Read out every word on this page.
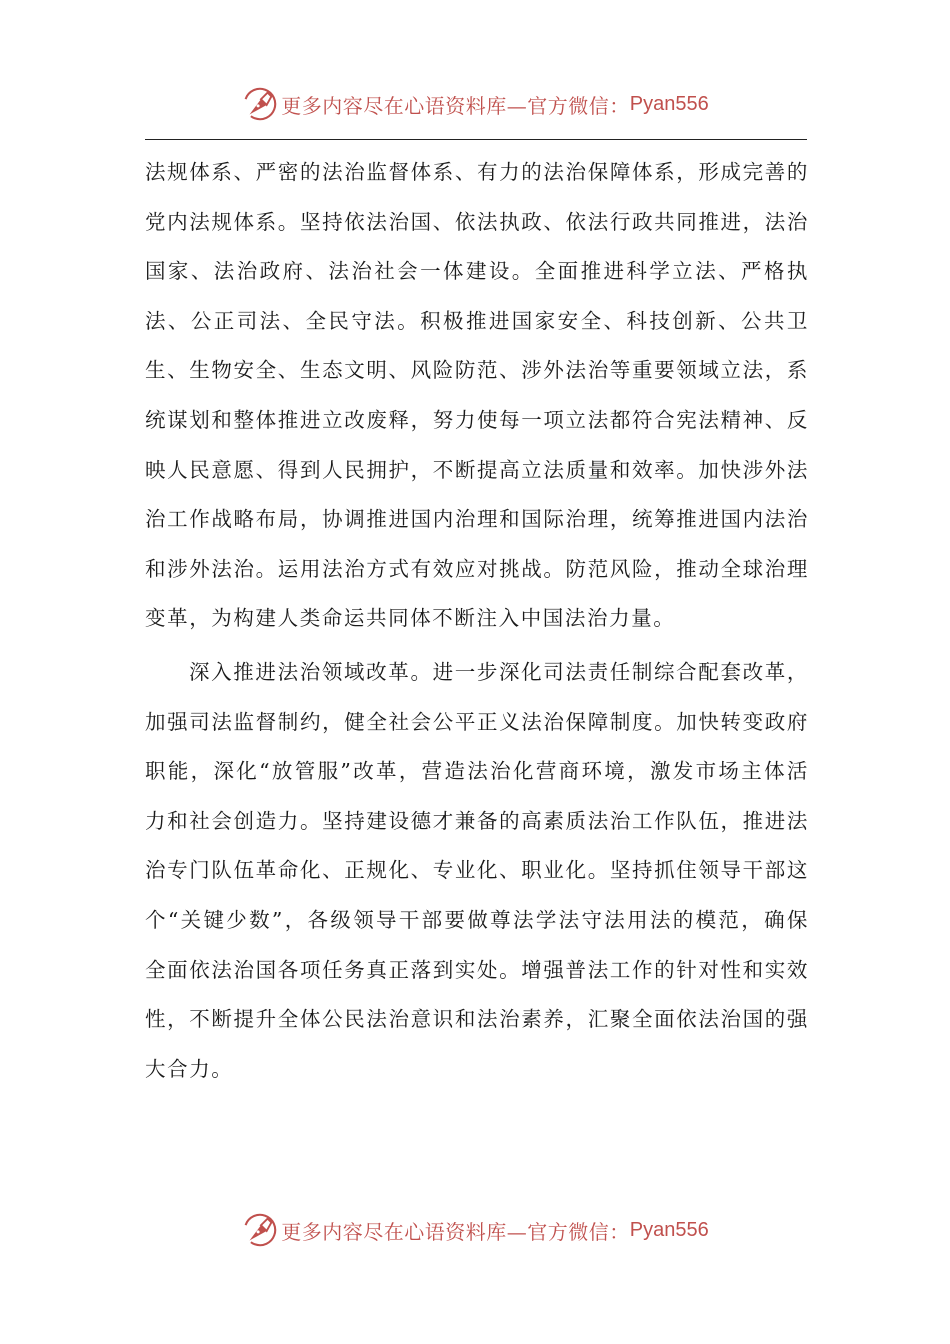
更多内容尽在心语资料库—官方微信： Pyan556

法规体系、严密的法治监督体系、有力的法治保障体系，形成完善的党内法规体系。坚持依法治国、依法执政、依法行政共同推进，法治国家、法治政府、法治社会一体建设。全面推进科学立法、严格执法、公正司法、全民守法。积极推进国家安全、科技创新、公共卫生、生物安全、生态文明、风险防范、涉外法治等重要领域立法，系统谋划和整体推进立改废释，努力使每一项立法都符合宪法精神、反映人民意愿、得到人民拥护，不断提高立法质量和效率。加快涉外法治工作战略布局，协调推进国内治理和国际治理，统筹推进国内法治和涉外法治。运用法治方式有效应对挑战。防范风险，推动全球治理变革，为构建人类命运共同体不断注入中国法治力量。

深入推进法治领域改革。进一步深化司法责任制综合配套改革，加强司法监督制约，健全社会公平正义法治保障制度。加快转变政府职能，深化“放管服”改革，营造法治化营商环境，激发市场主体活力和社会创造力。坚持建设德才兼备的高素质法治工作队伍，推进法治专门队伍革命化、正规化、专业化、职业化。坚持抓住领导干部这个“关键少数”，各级领导干部要做尊法学法守法用法的模范，确保全面依法治国各项任务真正落到实处。增强普法工作的针对性和实效性，不断提升全体公民法治意识和法治素养，汇聚全面依法治国的强大合力。

更多内容尽在心语资料库—官方微信： Pyan556
